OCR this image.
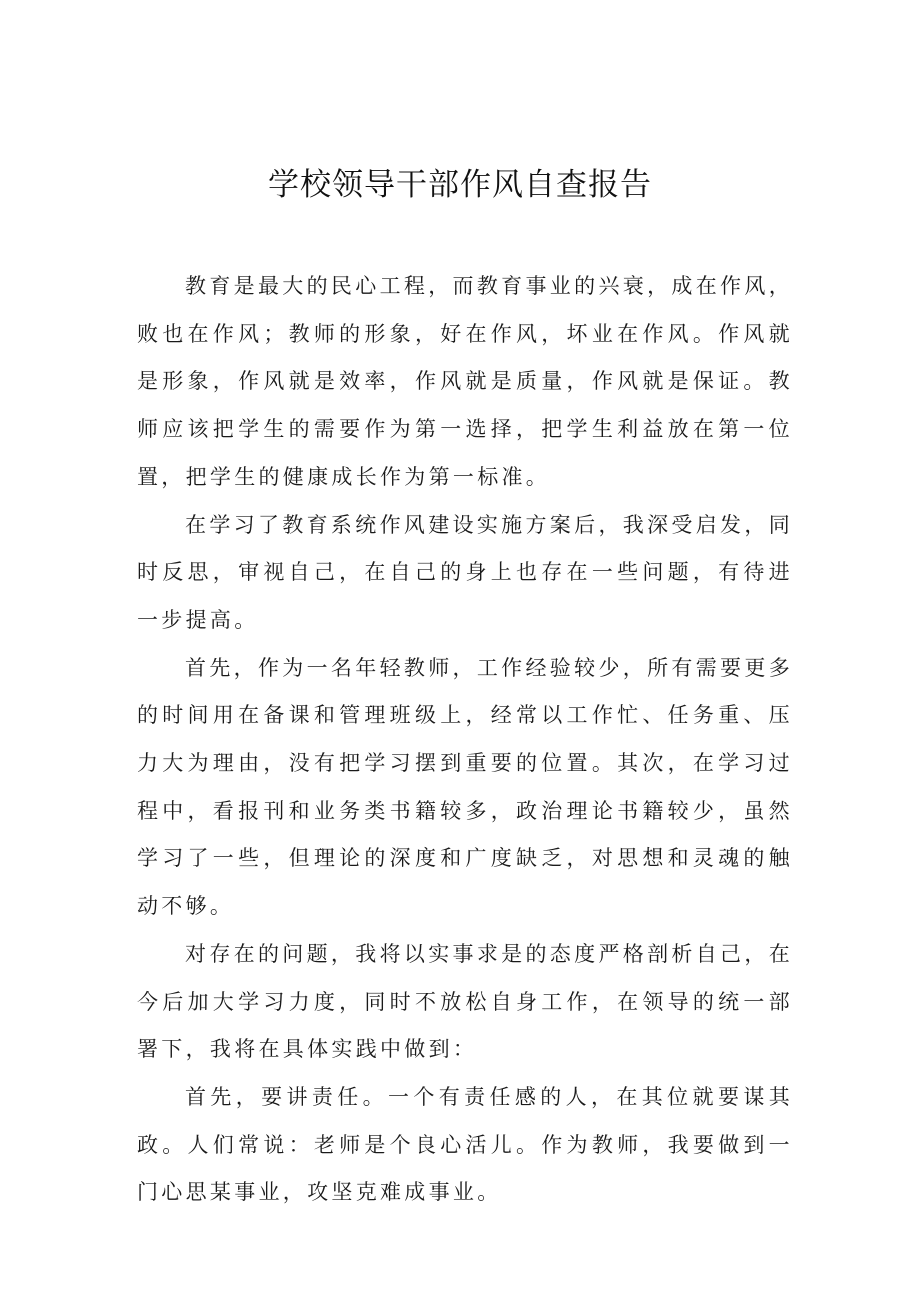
学校领导干部作风自查报告

教育是最大的民心工程，而教育事业的兴衰，成在作风，败也在作风；教师的形象，好在作风，坏业在作风。作风就是形象，作风就是效率，作风就是质量，作风就是保证。教师应该把学生的需要作为第一选择，把学生利益放在第一位置，把学生的健康成长作为第一标准。

在学习了教育系统作风建设实施方案后，我深受启发，同时反思，审视自己，在自己的身上也存在一些问题，有待进一步提高。

首先，作为一名年轻教师，工作经验较少，所有需要更多的时间用在备课和管理班级上，经常以工作忙、任务重、压力大为理由，没有把学习摆到重要的位置。其次，在学习过程中，看报刊和业务类书籍较多，政治理论书籍较少，虽然学习了一些，但理论的深度和广度缺乏，对思想和灵魂的触动不够。

对存在的问题，我将以实事求是的态度严格剖析自己，在今后加大学习力度，同时不放松自身工作，在领导的统一部署下，我将在具体实践中做到：

首先，要讲责任。一个有责任感的人，在其位就要谋其政。人们常说：老师是个良心活儿。作为教师，我要做到一门心思某事业，攻坚克难成事业。
